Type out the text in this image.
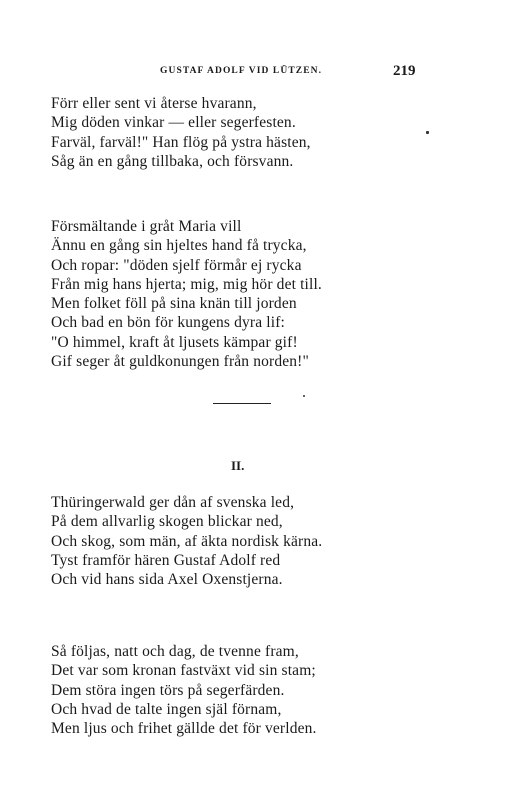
GUSTAF ADOLF VID LÜTZEN.	219
Förr eller sent vi återse hvarann,
Mig döden vinkar — eller segerfesten.
Farväl, farväl!" Han flög på ystra hästen,
Såg än en gång tillbaka, och försvann.
Försmältande i gråt Maria vill
Ännu en gång sin hjeltes hand få trycka,
Och ropar: "döden sjelf förmår ej rycka
Från mig hans hjerta; mig, mig hör det till.
Men folket föll på sina knän till jorden
Och bad en bön för kungens dyra lif:
"O himmel, kraft åt ljusets kämpar gif!
Gif seger åt guldkonungen från norden!"
II.
Thüringerwald ger dån af svenska led,
På dem allvarlig skogen blickar ned,
Och skog, som män, af äkta nordisk kärna.
Tyst framför hären Gustaf Adolf red
Och vid hans sida Axel Oxenstjerna.
Så följas, natt och dag, de tvenne fram,
Det var som kronan fastväxt vid sin stam;
Dem störa ingen törs på segerfärden.
Och hvad de talte ingen själ förnam,
Men ljus och frihet gällde det för verlden.
